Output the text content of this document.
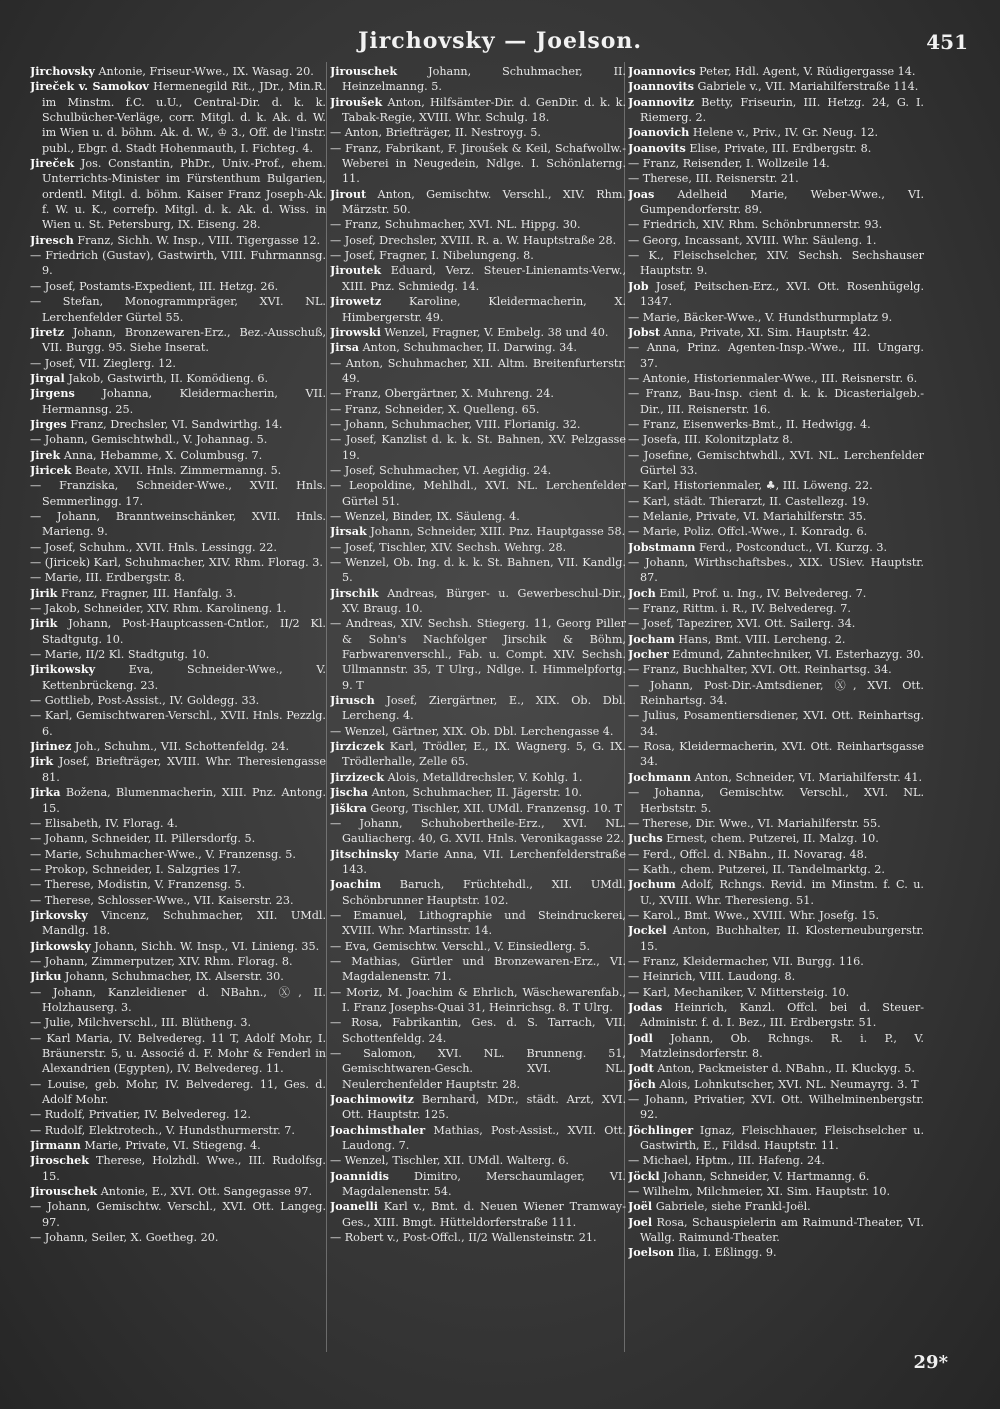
Jirchovsky — Joelson.	451

Jirchovsky Antonie, Friseur-Wwe., IX. Wasag. 20.

Jireček v. Samokov Hermenegild Rit., JDr., Min.R. im Minstm. f.C. u.U., Central-Dir. d. k. k. Schulbücher-Verläge, corr. Mitgl. d. k. Ak. d. W. im Wien u. d. böhm. Ak. d. W., ♔ 3., Off. de l'instr. publ., Ebgr. d. Stadt Hohenmauth, I. Fichteg. 4.

Jireček Jos. Constantin, PhDr., Univ.-Prof., ehem. Unterrichts-Minister im Fürstenthum Bulgarien, ordentl. Mitgl. d. böhm. Kaiser Franz Joseph-Ak. f. W. u. K., correfp. Mitgl. d. k. Ak. d. Wiss. in Wien u. St. Petersburg, IX. Eiseng. 28.

Jiresch Franz, Sichh. W. Insp., VIII. Tigergasse 12.

— Friedrich (Gustav), Gastwirth, VIII. Fuhrmannsg. 9.

— Josef, Postamts-Expedient, III. Hetzg. 26.

— Stefan, Monogrammpräger, XVI. NL. Lerchenfelder Gürtel 55.

Jiretz Johann, Bronzewaren-Erz., Bez.-Ausschuß, VII. Burgg. 95. Siehe Inserat.

— Josef, VII. Zieglerg. 12.

Jirgal Jakob, Gastwirth, II. Komödieng. 6.

Jirgens Johanna, Kleidermacherin, VII. Hermannsg. 25.

Jirges Franz, Drechsler, VI. Sandwirthg. 14.

— Johann, Gemischtwhdl., V. Johannag. 5.

Jirek Anna, Hebamme, X. Columbusg. 7.

Jiricek Beate, XVII. Hnls. Zimmermanng. 5.

— Franziska, Schneider-Wwe., XVII. Hnls. Semmerlingg. 17.

— Johann, Branntweinschänker, XVII. Hnls. Marieng. 9.

— Josef, Schuhm., XVII. Hnls. Lessingg. 22.

— (Jiricek) Karl, Schuhmacher, XIV. Rhm. Florag. 3.

— Marie, III. Erdbergstr. 8.

Jirik Franz, Fragner, III. Hanfalg. 3.

— Jakob, Schneider, XIV. Rhm. Karolineng. 1.

Jirik Johann, Post-Hauptcassen-Cntlor., II/2 Kl. Stadtgutg. 10.

— Marie, II/2 Kl. Stadtgutg. 10.

Jirikowsky	Eva, Schneider-Wwe., V. Kettenbrückeng. 23.

— Gottlieb, Post-Assist., IV. Goldegg. 33.

— Karl, Gemischtwaren-Verschl., XVII. Hnls. Pezzlg. 6.

Jirinez Joh., Schuhm., VII. Schottenfeldg. 24.

Jirk Josef, Briefträger, XVIII. Whr. Theresiengasse 81.

Jirka Božena, Blumenmacherin, XIII. Pnz. Antong. 15.

— Elisabeth, IV. Florag. 4.

— Johann, Schneider, II. Pillersdorfg. 5.

— Marie, Schuhmacher-Wwe., V. Franzensg. 5.

— Prokop, Schneider, I. Salzgries 17.

— Therese, Modistin, V. Franzensg. 5.

— Therese, Schlosser-Wwe., VII. Kaiserstr. 23.

Jirkovsky Vincenz, Schuhmacher, XII. UMdl. Mandlg. 18.

Jirkowsky Johann, Sichh. W. Insp., VI. Linieng. 35.

— Johann, Zimmerputzer, XIV. Rhm. Florag. 8.

Jirku Johann, Schuhmacher, IX. Alserstr. 30.

— Johann, Kanzleidiener d. NBahn., Ⓧ, II. Holzhauserg. 3.

— Julie, Milchverschl., III. Blütheng. 3.

— Karl Maria, IV. Belvedereg. 11 T, Adolf Mohr, I. Bräunerstr. 5, u. Associé d. F. Mohr & Fenderl in Alexandrien (Egypten), IV. Belvedereg. 11.

— Louise, geb. Mohr, IV. Belvedereg. 11, Ges. d. Adolf Mohr.

— Rudolf, Privatier, IV. Belvedereg. 12.

— Rudolf, Elektrotech., V. Hundsthurmerstr. 7.

Jirmann Marie, Private, VI. Stiegeng. 4.

Jiroschek Therese, Holzhdl. Wwe., III. Rudolfsg. 15.

Jirouschek Antonie, E., XVI. Ott. Sangegasse 97.

— Johann, Gemischtw. Verschl., XVI. Ott. Langeg. 97.

— Johann, Seiler, X. Goetheg. 20.

Jirouschek	Johann, Schuhmacher, II. Heinzelmanng. 5.

Jiroušek Anton, Hilfsämter-Dir. d. GenDir. d. k. k. Tabak-Regie, XVIII. Whr. Schulg. 18.

— Anton, Briefträger, II. Nestroyg. 5.

— Franz, Fabrikant, F. Jiroušek & Keil, Schafwollw.-Weberei in Neugedein, Ndlge. I. Schönlaterng. 11.

Jirout Anton, Gemischtw. Verschl., XIV. Rhm. Märzstr. 50.

— Franz, Schuhmacher, XVI. NL. Hippg. 30.

— Josef, Drechsler, XVIII. R. a. W. Hauptstraße 28.

— Josef, Fragner, I. Nibelungeng. 8.

Jiroutek Eduard, Verz. Steuer-Linienamts-Verw., XIII. Pnz. Schmiedg. 14.

Jirowetz Karoline, Kleidermacherin, X. Himbergerstr. 49.

Jirowski Wenzel, Fragner, V. Embelg. 38 und 40.

Jirsa Anton, Schuhmacher, II. Darwing. 34.

— Anton, Schuhmacher, XII. Altm. Breitenfurterstr. 49.

— Franz, Obergärtner, X. Muhreng. 24.

— Franz, Schneider, X. Quelleng. 65.

— Johann, Schuhmacher, VIII. Florianig. 32.

— Josef, Kanzlist d. k. k. St. Bahnen, XV. Pelzgasse 19.

— Josef, Schuhmacher, VI. Aegidig. 24.

— Leopoldine, Mehlhdl., XVI. NL. Lerchenfelder Gürtel 51.

— Wenzel, Binder, IX. Säuleng. 4.

Jirsak Johann, Schneider, XIII. Pnz. Hauptgasse 58.

— Josef, Tischler, XIV. Sechsh. Wehrg. 28.

— Wenzel, Ob. Ing. d. k. k. St. Bahnen, VII. Kandlg. 5.

Jirschik Andreas, Bürger- u. Gewerbeschul-Dir., XV. Braug. 10.

— Andreas, XIV. Sechsh. Stiegerg. 11, Georg Piller & Sohn's Nachfolger Jirschik & Böhm, Farbwarenverschl., Fab. u. Compt. XIV. Sechsh. Ullmannstr. 35, T Ulrg., Ndlge. I. Himmelpfortg. 9. T

Jirusch Josef, Ziergärtner, E., XIX. Ob. Dbl. Lercheng. 4.

— Wenzel, Gärtner, XIX. Ob. Dbl. Lerchengasse 4.

Jirziczek Karl, Trödler, E., IX. Wagnerg. 5, G. IX. Trödlerhalle, Zelle 65.

Jirzizeck Alois, Metalldrechsler, V. Kohlg. 1.

Jischa Anton, Schuhmacher, II. Jägerstr. 10.

Jiškra Georg, Tischler, XII. UMdl. Franzensg. 10. T

— Johann, Schuhobertheile-Erz., XVI. NL. Gauliacherg. 40, G. XVII. Hnls. Veronikagasse 22.

Jitschinsky Marie Anna, VII. Lerchenfelderstraße 143.

Joachim Baruch, Früchtehdl., XII. UMdl. Schönbrunner Hauptstr. 102.

— Emanuel, Lithographie und Steindruckerei, XVIII. Whr. Martinsstr. 14.

— Eva, Gemischtw. Verschl., V. Einsiedlerg. 5.

— Mathias, Gürtler und Bronzewaren-Erz., VI. Magdalenenstr. 71.

— Moriz, M. Joachim & Ehrlich, Wäschewarenfab., I. Franz Josephs-Quai 31, Heinrichsg. 8. T Ulrg.

— Rosa, Fabrikantin, Ges. d. S. Tarrach, VII. Schottenfeldg. 24.

— Salomon, XVI. NL. Brunneng. 51, Gemischtwaren-Gesch. XVI. NL. Neulerchenfelder Hauptstr. 28.

Joachimowitz Bernhard, MDr., städt. Arzt, XVI. Ott. Hauptstr. 125.

Joachimsthaler Mathias, Post-Assist., XVII. Ott. Laudong. 7.

— Wenzel, Tischler, XII. UMdl. Walterg. 6.

Joannidis Dimitro, Merschaumlager, VI. Magdalenenstr. 54.

Joanelli Karl v., Bmt. d. Neuen Wiener Tramway-Ges., XIII. Bmgt. Hütteldorferstraße 111.

— Robert v., Post-Offcl., II/2 Wallensteinstr. 21.

Joannovics Peter, Hdl. Agent, V. Rüdigergasse 14.

Joannovits Gabriele v., VII. Mariahilferstraße 114.

Joannovitz Betty, Friseurin, III. Hetzg. 24, G. I. Riemerg. 2.

Joanovich Helene v., Priv., IV. Gr. Neug. 12.

Joanovits Elise, Private, III. Erdbergstr. 8.

— Franz, Reisender, I. Wollzeile 14.

— Therese, III. Reisnerstr. 21.

Joas Adelheid Marie, Weber-Wwe., VI. Gumpendorferstr. 89.

— Friedrich, XIV. Rhm. Schönbrunnerstr. 93.

— Georg, Incassant, XVIII. Whr. Säuleng. 1.

— K., Fleischselcher, XIV. Sechsh. Sechshauser Hauptstr. 9.

Job Josef, Peitschen-Erz., XVI. Ott. Rosenhügelg. 1347.

— Marie, Bäcker-Wwe., V. Hundsthurmplatz 9.

Jobst Anna, Private, XI. Sim. Hauptstr. 42.

— Anna, Prinz. Agenten-Insp.-Wwe., III. Ungarg. 37.

— Antonie, Historienmaler-Wwe., III. Reisnerstr. 6.

— Franz, Bau-Insp. cient d. k. k. Dicasterialgeb.-Dir., III. Reisnerstr. 16.

— Franz, Eisenwerks-Bmt., II. Hedwigg. 4.

— Josefa, III. Kolonitzplatz 8.

— Josefine, Gemischtwhdl., XVI. NL. Lerchenfelder Gürtel 33.

— Karl, Historienmaler, ♣, III. Löweng. 22.

— Karl, städt. Thierarzt, II. Castellezg. 19.

— Melanie, Private, VI. Mariahilferstr. 35.

— Marie, Poliz. Offcl.-Wwe., I. Konradg. 6.

Jobstmann Ferd., Postconduct., VI. Kurzg. 3.

— Johann, Wirthschaftsbes., XIX. USiev. Hauptstr. 87.

Joch Emil, Prof. u. Ing., IV. Belvedereg. 7.

— Franz, Rittm. i. R., IV. Belvedereg. 7.

— Josef, Tapezirer, XVI. Ott. Sailerg. 34.

Jocham Hans, Bmt. VIII. Lercheng. 2.

Jocher Edmund, Zahntechniker, VI. Esterhazyg. 30.

— Franz, Buchhalter, XVI. Ott. Reinhartsg. 34.

— Johann, Post-Dir.-Amtsdiener, Ⓧ, XVI. Ott. Reinhartsg. 34.

— Julius, Posamentiersdiener, XVI. Ott. Reinhartsg. 34.

— Rosa, Kleidermacherin, XVI. Ott. Reinhartsgasse 34.

Jochmann Anton, Schneider, VI. Mariahilferstr. 41.

— Johanna, Gemischtw. Verschl., XVI. NL. Herbststr. 5.

— Therese, Dir. Wwe., VI. Mariahilferstr. 55.

Juchs Ernest, chem. Putzerei, II. Malzg. 10.

— Ferd., Offcl. d. NBahn., II. Novarag. 48.

— Kath., chem. Putzerei, II. Tandelmarktg. 2.

Jochum Adolf, Rchngs. Revid. im Minstm. f. C. u. U., XVIII. Whr. Theresieng. 51.

— Karol., Bmt. Wwe., XVIII. Whr. Josefg. 15.

Jockel Anton, Buchhalter, II. Klosterneuburgerstr. 15.

— Franz, Kleidermacher, VII. Burgg. 116.

— Heinrich, VIII. Laudong. 8.

— Karl, Mechaniker, V. Mittersteig. 10.

Jodas Heinrich, Kanzl. Offcl. bei d. Steuer-Administr. f. d. I. Bez., III. Erdbergstr. 51.

Jodl Johann, Ob. Rchngs. R. i. P., V. Matzleinsdorferstr. 8.

Jodt Anton, Packmeister d. NBahn., II. Kluckyg. 5.

Jöch Alois, Lohnkutscher, XVI. NL. Neumayrg. 3. T

— Johann, Privatier, XVI. Ott. Wilhelminenbergstr. 92.

Jöchlinger Ignaz, Fleischhauer, Fleischselcher u. Gastwirth, E., Fildsd. Hauptstr. 11.

— Michael, Hptm., III. Hafeng. 24.

Jöckl Johann, Schneider, V. Hartmanng. 6.

— Wilhelm, Milchmeier, XI. Sim. Hauptstr. 10.

Joël Gabriele, siehe Frankl-Joël.

Joel Rosa, Schauspielerin am Raimund-Theater, VI. Wallg. Raimund-Theater.

Joelson Ilia, I. Eßlingg. 9.

29*
